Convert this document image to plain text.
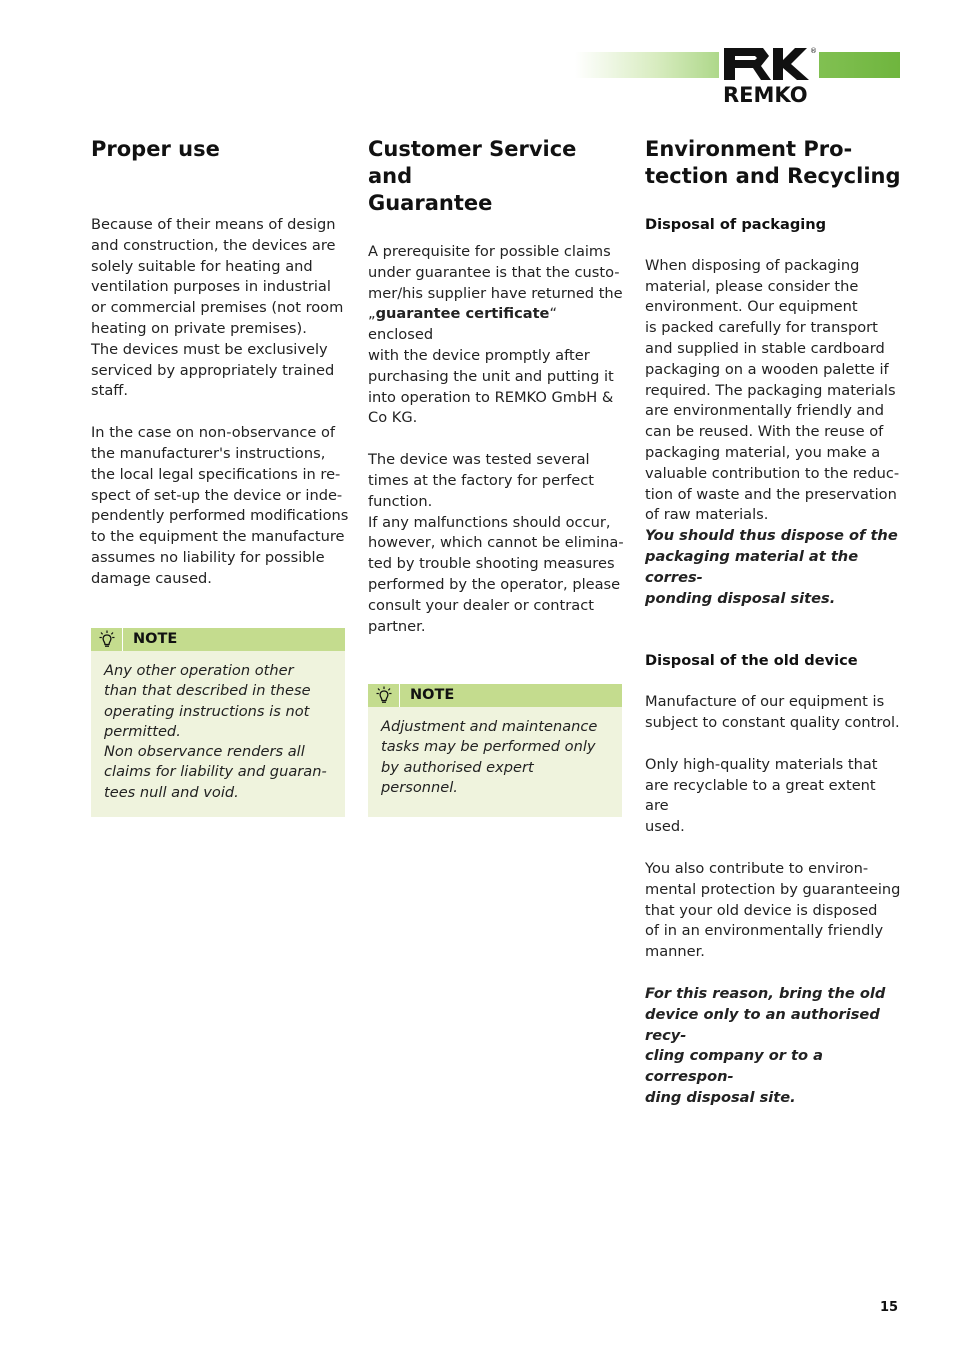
®
REMKO
Proper use
Because of their means of design
and construction, the devices are
solely suitable for heating and
ventilation purposes in industrial
or commercial premises (not room
heating on private premises).
The devices must be exclusively
serviced by appropriately trained
staff.
In the case on non-observance of
the manufacturer's instructions,
the local legal specifications in re-
spect of set-up the device or inde-
pendently performed modifications
to the equipment the manufacture
assumes no liability for possible
damage caused.
NOTE
Any other operation other
than that described in these
operating instructions is not
permitted.
Non observance renders all
claims for liability and guaran-
tees null and void.
Customer Service and
Guarantee
A prerequisite for possible claims
under guarantee is that the custo-
mer/his supplier have returned the
„guarantee certificate“ enclosed
with the device promptly after
purchasing the unit and putting it
into operation to REMKO GmbH &
Co KG.
The device was tested several
times at the factory for perfect
function.
If any malfunctions should occur,
however, which cannot be elimina-
ted by trouble shooting measures
performed by the operator, please
consult your dealer or contract
partner.
NOTE
Adjustment and maintenance
tasks may be performed only
by authorised expert personnel.
Environment Pro-
tection and Recycling
Disposal of packaging
When disposing of packaging
material, please consider the
environment. Our equipment
is packed carefully for transport
and supplied in stable cardboard
packaging on a wooden palette if
required. The packaging materials
are environmentally friendly and
can be reused. With the reuse of
packaging material, you make a
valuable contribution to the reduc-
tion of waste and the preservation
of raw materials.
You should thus dispose of the
packaging material at the corres-
ponding disposal sites.
Disposal of the old device
Manufacture of our equipment is
subject to constant quality control.
Only high-quality materials that
are recyclable to a great extent are
used.
You also contribute to environ-
mental protection by guaranteeing
that your old device is disposed
of in an environmentally friendly
manner.
For this reason, bring the old
device only to an authorised recy-
cling company or to a correspon-
ding disposal site.
15
